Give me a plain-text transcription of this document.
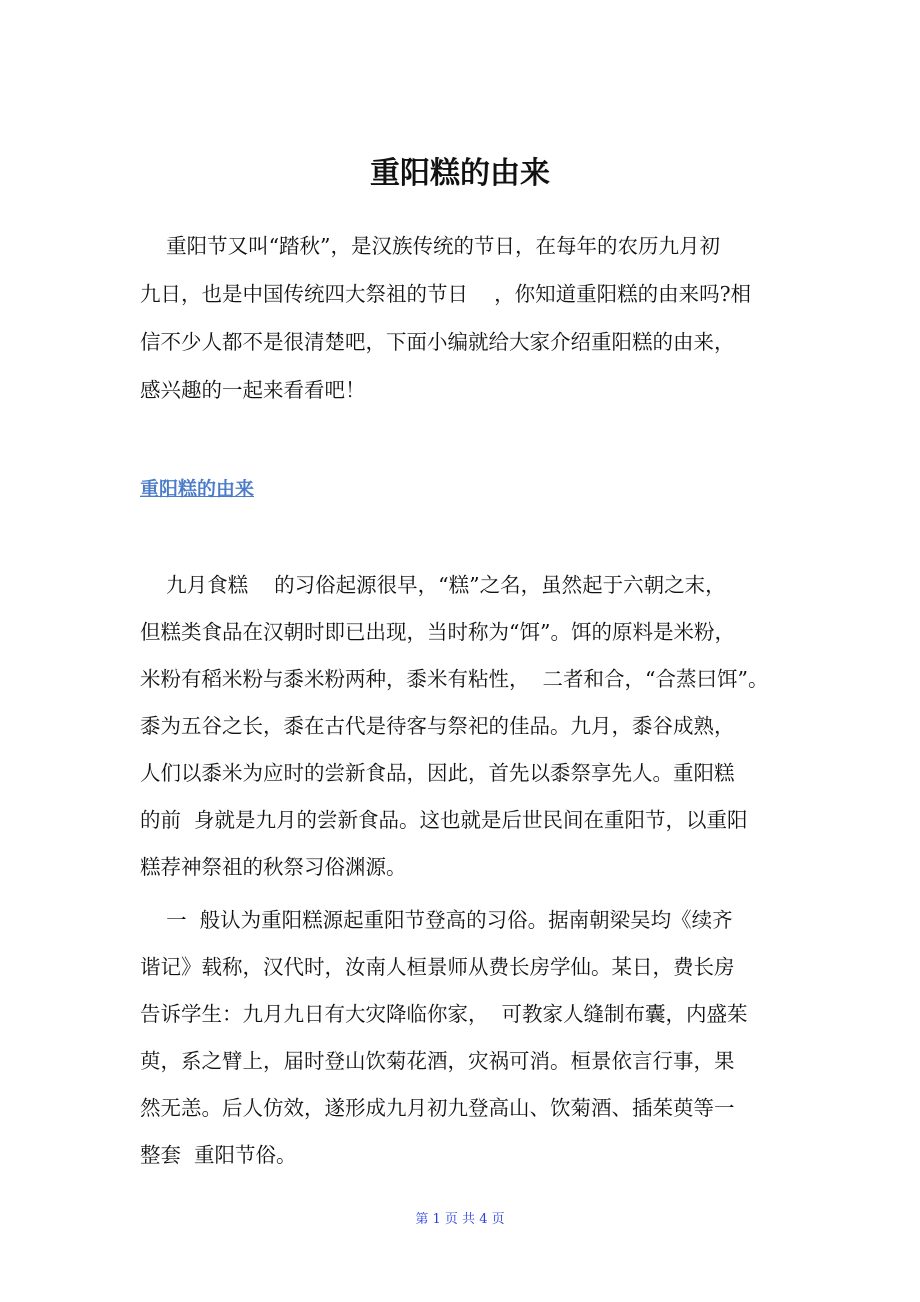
重阳糕的由来
重阳节又叫“踏秋”，是汉族传统的节日，在每年的农历九月初
九日，也是中国传统四大祭祖的节日    ，你知道重阳糕的由来吗?相
信不少人都不是很清楚吧，下面小编就给大家介绍重阳糕的由来，
感兴趣的一起来看看吧！
重阳糕的由来
九月食糕    的习俗起源很早，“糕”之名，虽然起于六朝之末，
但糕类食品在汉朝时即已出现，当时称为“饵”。饵的原料是米粉，
米粉有稻米粉与黍米粉两种，黍米有粘性，  二者和合，“合蒸曰饵”。
黍为五谷之长，黍在古代是待客与祭祀的佳品。九月，黍谷成熟，
人们以黍米为应时的尝新食品，因此，首先以黍祭享先人。重阳糕
的前  身就是九月的尝新食品。这也就是后世民间在重阳节，以重阳
糕荐神祭祖的秋祭习俗渊源。
一  般认为重阳糕源起重阳节登高的习俗。据南朝梁吴均《续齐
谐记》载称，汉代时，汝南人桓景师从费长房学仙。某日，费长房
告诉学生：九月九日有大灾降临你家，  可教家人缝制布囊，内盛茱
萸，系之臂上，届时登山饮菊花酒，灾祸可消。桓景依言行事，果
然无恙。后人仿效，遂形成九月初九登高山、饮菊酒、插茱萸等一
整套  重阳节俗。
第 1 页 共 4 页
